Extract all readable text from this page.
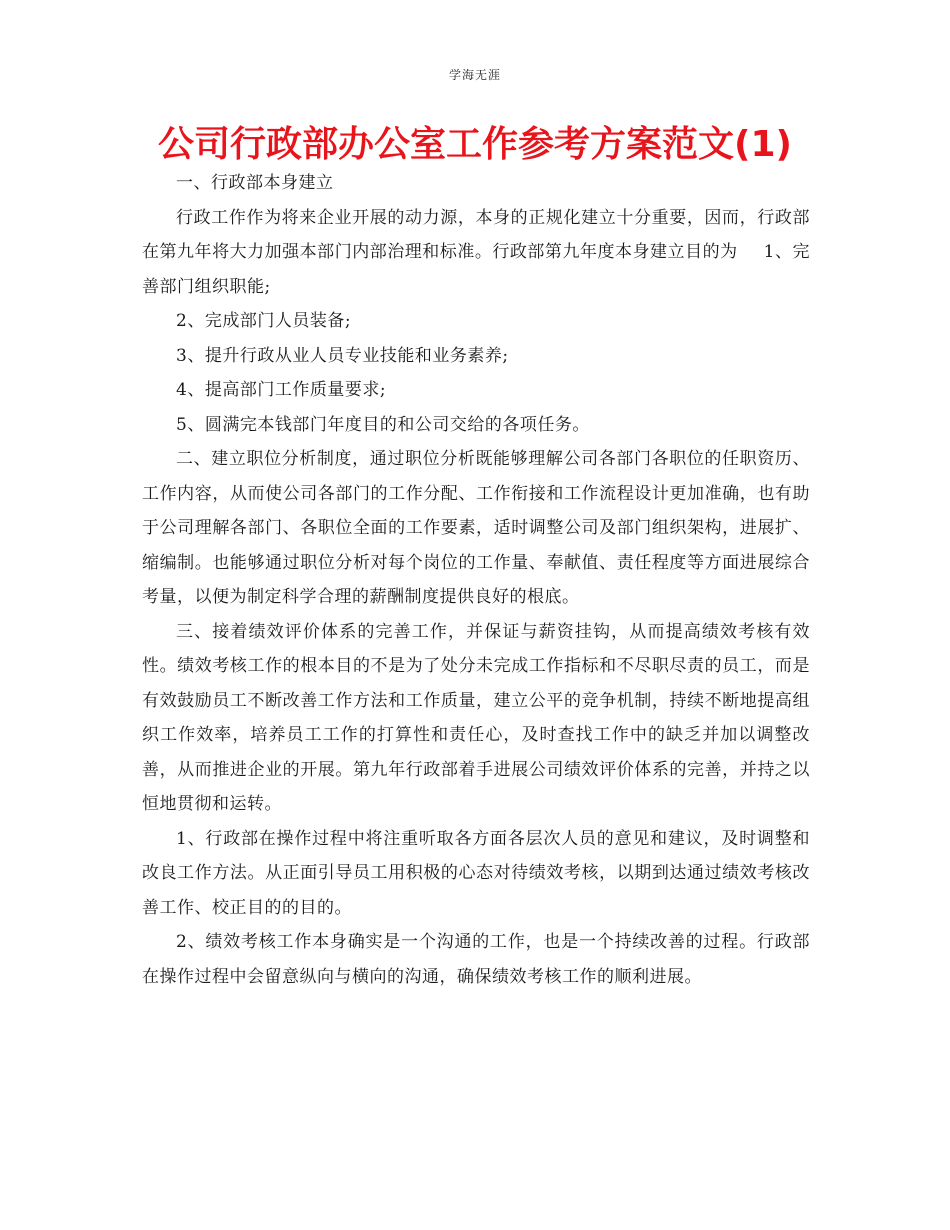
学海无涯
公司行政部办公室工作参考方案范文(1)

一、行政部本身建立

行政工作作为将来企业开展的动力源，本身的正规化建立十分重要，因而，行政部在第九年将大力加强本部门内部治理和标准。行政部第九年度本身建立目的为 1、完善部门组织职能;

2、完成部门人员装备;

3、提升行政从业人员专业技能和业务素养;

4、提高部门工作质量要求;

5、圆满完本钱部门年度目的和公司交给的各项任务。

二、建立职位分析制度，通过职位分析既能够理解公司各部门各职位的任职资历、工作内容，从而使公司各部门的工作分配、工作衔接和工作流程设计更加准确，也有助于公司理解各部门、各职位全面的工作要素，适时调整公司及部门组织架构，进展扩、缩编制。也能够通过职位分析对每个岗位的工作量、奉献值、责任程度等方面进展综合考量，以便为制定科学合理的薪酬制度提供良好的根底。

三、接着绩效评价体系的完善工作，并保证与薪资挂钩，从而提高绩效考核有效性。绩效考核工作的根本目的不是为了处分未完成工作指标和不尽职尽责的员工，而是有效鼓励员工不断改善工作方法和工作质量，建立公平的竞争机制，持续不断地提高组织工作效率，培养员工工作的打算性和责任心，及时查找工作中的缺乏并加以调整改善，从而推进企业的开展。第九年行政部着手进展公司绩效评价体系的完善，并持之以恒地贯彻和运转。

1、行政部在操作过程中将注重听取各方面各层次人员的意见和建议，及时调整和改良工作方法。从正面引导员工用积极的心态对待绩效考核，以期到达通过绩效考核改善工作、校正目的的目的。

2、绩效考核工作本身确实是一个沟通的工作，也是一个持续改善的过程。行政部在操作过程中会留意纵向与横向的沟通，确保绩效考核工作的顺利进展。
